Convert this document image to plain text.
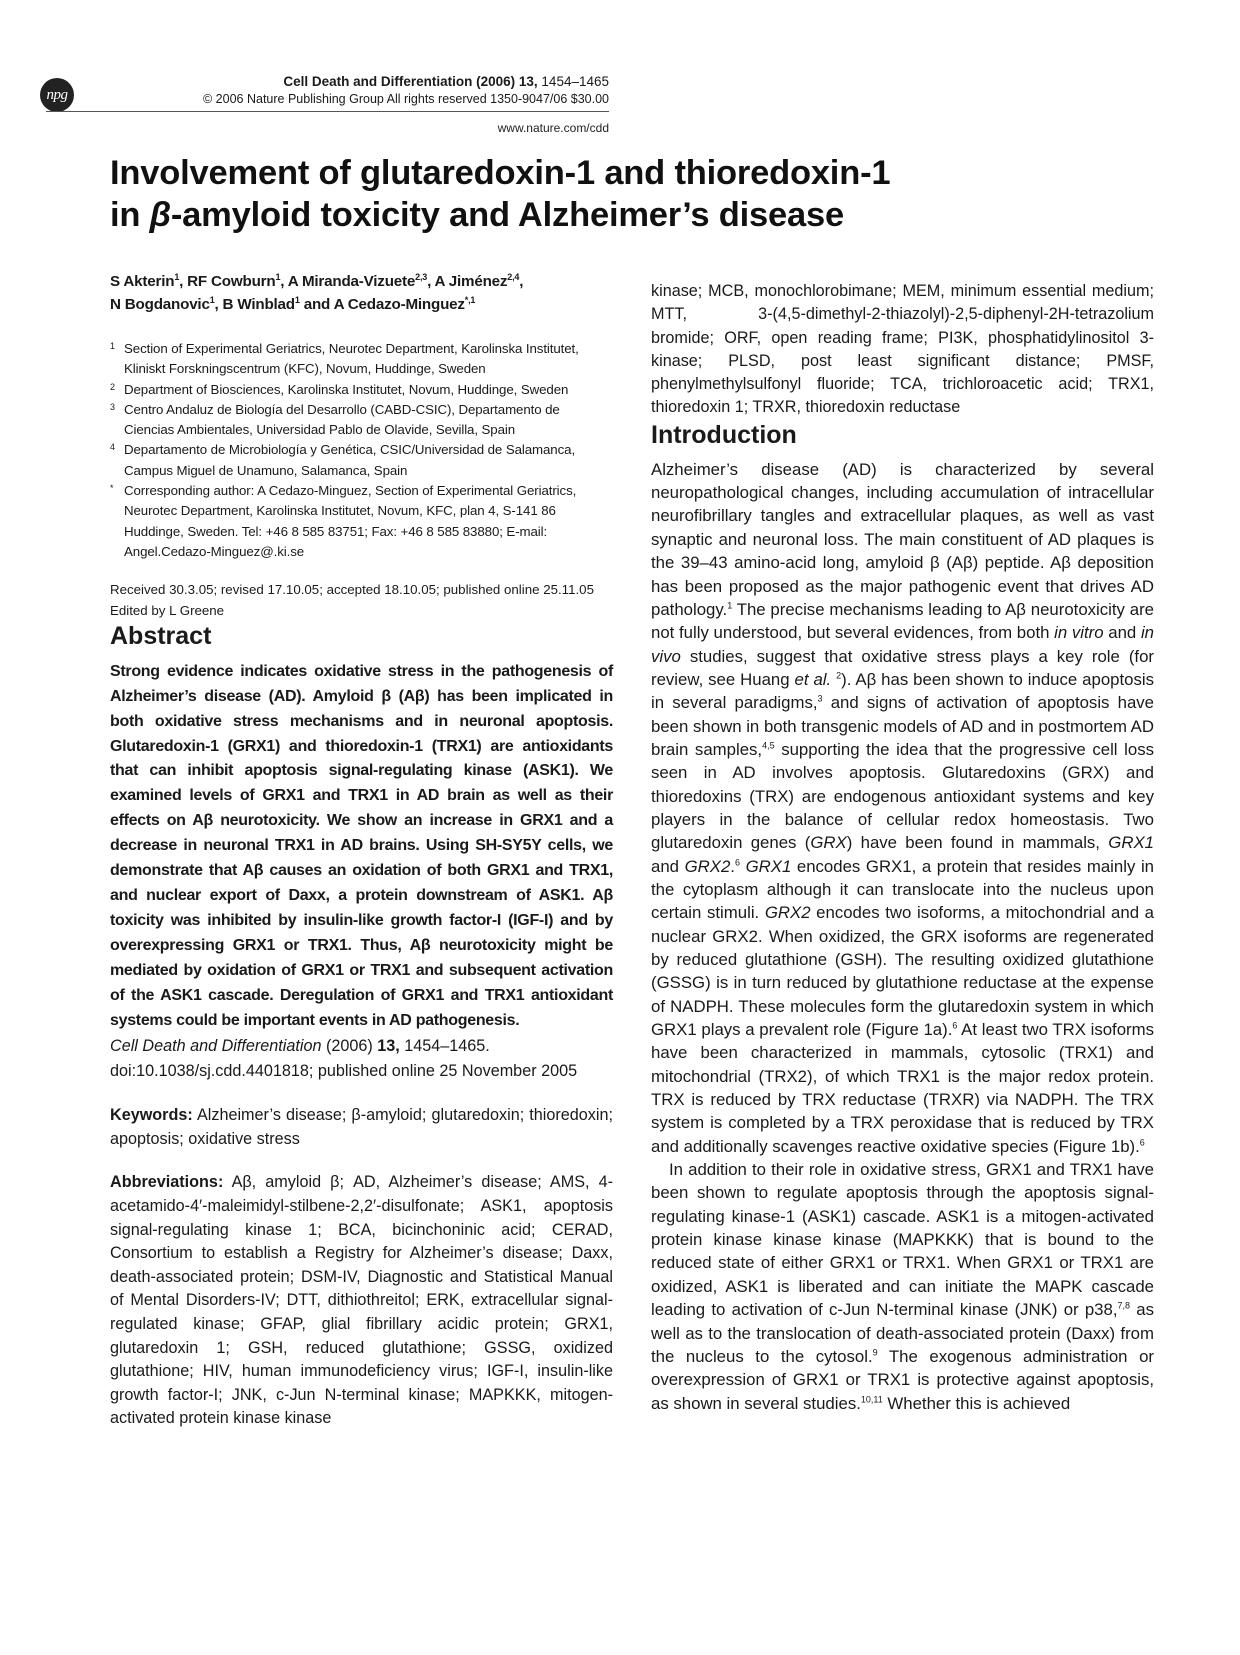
npg
Cell Death and Differentiation (2006) 13, 1454–1465
© 2006 Nature Publishing Group All rights reserved 1350-9047/06 $30.00
www.nature.com/cdd
Involvement of glutaredoxin-1 and thioredoxin-1
in β-amyloid toxicity and Alzheimer’s disease
S Akterin$^1$, RF Cowburn$^1$, A Miranda-Vizuete$^{2,3}$, A Jiménez$^{2,4}$,
N Bogdanovic$^1$, B Winblad$^1$ and A Cedazo-Minguez$^{*,1}$
1 Section of Experimental Geriatrics, Neurotec Department, Karolinska Institutet, Kliniskt Forskningscentrum (KFC), Novum, Huddinge, Sweden
2 Department of Biosciences, Karolinska Institutet, Novum, Huddinge, Sweden
3 Centro Andaluz de Biología del Desarrollo (CABD-CSIC), Departamento de Ciencias Ambientales, Universidad Pablo de Olavide, Sevilla, Spain
4 Departamento de Microbiología y Genética, CSIC/Universidad de Salamanca, Campus Miguel de Unamuno, Salamanca, Spain
* Corresponding author: A Cedazo-Minguez, Section of Experimental Geriatrics, Neurotec Department, Karolinska Institutet, Novum, KFC, plan 4, S-141 86 Huddinge, Sweden. Tel: +46 8 585 83751; Fax: +46 8 585 83880; E-mail: Angel.Cedazo-Minguez@.ki.se
Received 30.3.05; revised 17.10.05; accepted 18.10.05; published online 25.11.05
Edited by L Greene
Abstract

Strong evidence indicates oxidative stress in the pathogenesis of Alzheimer’s disease (AD). Amyloid β (Aβ) has been implicated in both oxidative stress mechanisms and in neuronal apoptosis. Glutaredoxin-1 (GRX1) and thioredoxin-1 (TRX1) are antioxidants that can inhibit apoptosis signal-regulating kinase (ASK1). We examined levels of GRX1 and TRX1 in AD brain as well as their effects on Aβ neurotoxicity. We show an increase in GRX1 and a decrease in neuronal TRX1 in AD brains. Using SH-SY5Y cells, we demonstrate that Aβ causes an oxidation of both GRX1 and TRX1, and nuclear export of Daxx, a protein downstream of ASK1. Aβ toxicity was inhibited by insulin-like growth factor-I (IGF-I) and by overexpressing GRX1 or TRX1. Thus, Aβ neurotoxicity might be mediated by oxidation of GRX1 or TRX1 and subsequent activation of the ASK1 cascade. Deregulation of GRX1 and TRX1 antioxidant systems could be important events in AD pathogenesis.

Cell Death and Differentiation (2006) 13, 1454–1465.
doi:10.1038/sj.cdd.4401818; published online 25 November 2005

Keywords: Alzheimer’s disease; β-amyloid; glutaredoxin; thioredoxin; apoptosis; oxidative stress
Abbreviations: Aβ, amyloid β; AD, Alzheimer’s disease; AMS, 4-acetamido-4′-maleimidyl-stilbene-2,2′-disulfonate; ASK1, apoptosis signal-regulating kinase 1; BCA, bicinchoninic acid; CERAD, Consortium to establish a Registry for Alzheimer’s disease; Daxx, death-associated protein; DSM-IV, Diagnostic and Statistical Manual of Mental Disorders-IV; DTT, dithiothreitol; ERK, extracellular signal-regulated kinase; GFAP, glial fibrillary acidic protein; GRX1, glutaredoxin 1; GSH, reduced glutathione; GSSG, oxidized glutathione; HIV, human immunodeficiency virus; IGF-I, insulin-like growth factor-I; JNK, c-Jun N-terminal kinase; MAPKKK, mitogen-activated protein kinase kinase
kinase; MCB, monochlorobimane; MEM, minimum essential medium; MTT, 3-(4,5-dimethyl-2-thiazolyl)-2,5-diphenyl-2H-tetrazolium bromide; ORF, open reading frame; PI3K, phosphatidylinositol 3-kinase; PLSD, post least significant distance; PMSF, phenylmethylsulfonyl fluoride; TCA, trichloroacetic acid; TRX1, thioredoxin 1; TRXR, thioredoxin reductase
Introduction

Alzheimer’s disease (AD) is characterized by several neuropathological changes, including accumulation of intracellular neurofibrillary tangles and extracellular plaques, as well as vast synaptic and neuronal loss. The main constituent of AD plaques is the 39–43 amino-acid long, amyloid β (Aβ) peptide. Aβ deposition has been proposed as the major pathogenic event that drives AD pathology.$^1$ The precise mechanisms leading to Aβ neurotoxicity are not fully understood, but several evidences, from both in vitro and in vivo studies, suggest that oxidative stress plays a key role (for review, see Huang et al. $^2$). Aβ has been shown to induce apoptosis in several paradigms,$^3$ and signs of activation of apoptosis have been shown in both transgenic models of AD and in postmortem AD brain samples,$^{4,5}$ supporting the idea that the progressive cell loss seen in AD involves apoptosis. Glutaredoxins (GRX) and thioredoxins (TRX) are endogenous antioxidant systems and key players in the balance of cellular redox homeostasis. Two glutaredoxin genes (GRX) have been found in mammals, GRX1 and GRX2.$^6$ GRX1 encodes GRX1, a protein that resides mainly in the cytoplasm although it can translocate into the nucleus upon certain stimuli. GRX2 encodes two isoforms, a mitochondrial and a nuclear GRX2. When oxidized, the GRX isoforms are regenerated by reduced glutathione (GSH). The resulting oxidized glutathione (GSSG) is in turn reduced by glutathione reductase at the expense of NADPH. These molecules form the glutaredoxin system in which GRX1 plays a prevalent role (Figure 1a).$^6$ At least two TRX isoforms have been characterized in mammals, cytosolic (TRX1) and mitochondrial (TRX2), of which TRX1 is the major redox protein. TRX is reduced by TRX reductase (TRXR) via NADPH. The TRX system is completed by a TRX peroxidase that is reduced by TRX and additionally scavenges reactive oxidative species (Figure 1b).$^6$

In addition to their role in oxidative stress, GRX1 and TRX1 have been shown to regulate apoptosis through the apoptosis signal-regulating kinase-1 (ASK1) cascade. ASK1 is a mitogen-activated protein kinase kinase kinase (MAPKKK) that is bound to the reduced state of either GRX1 or TRX1. When GRX1 or TRX1 are oxidized, ASK1 is liberated and can initiate the MAPK cascade leading to activation of c-Jun N-terminal kinase (JNK) or p38,$^{7,8}$ as well as to the translocation of death-associated protein (Daxx) from the nucleus to the cytosol.$^9$ The exogenous administration or overexpression of GRX1 or TRX1 is protective against apoptosis, as shown in several studies.$^{10,11}$ Whether this is achieved
